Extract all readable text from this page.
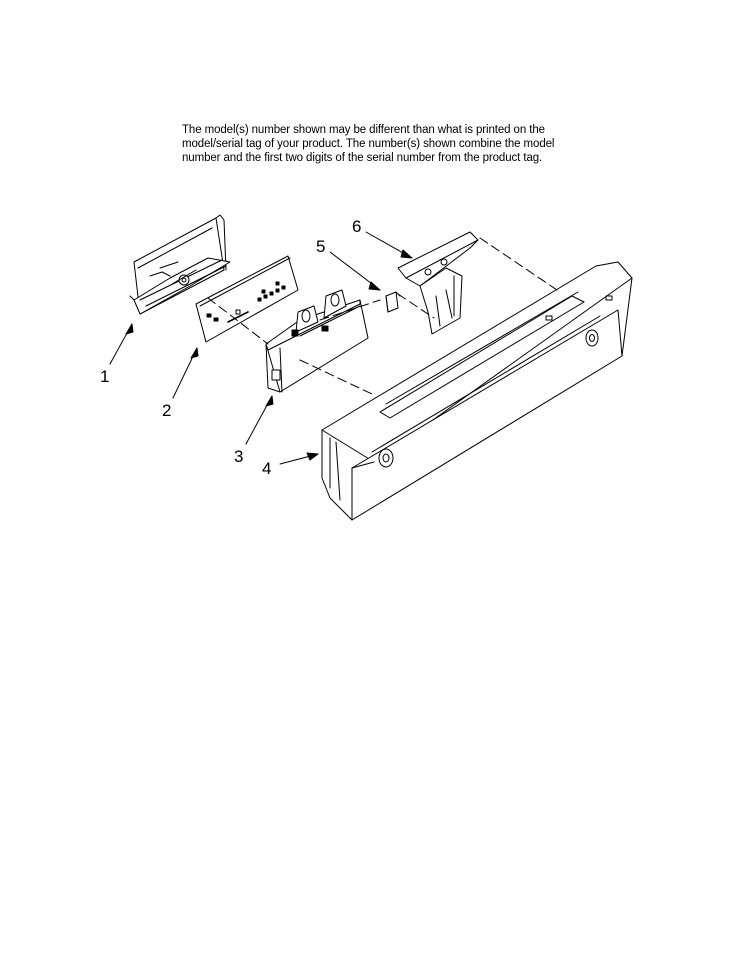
The model(s) number shown may be different than what is printed on the
model/serial tag of your product. The number(s) shown combine the model
number and the first two digits of the serial number from the product tag.
1
2
3
4
5
6
